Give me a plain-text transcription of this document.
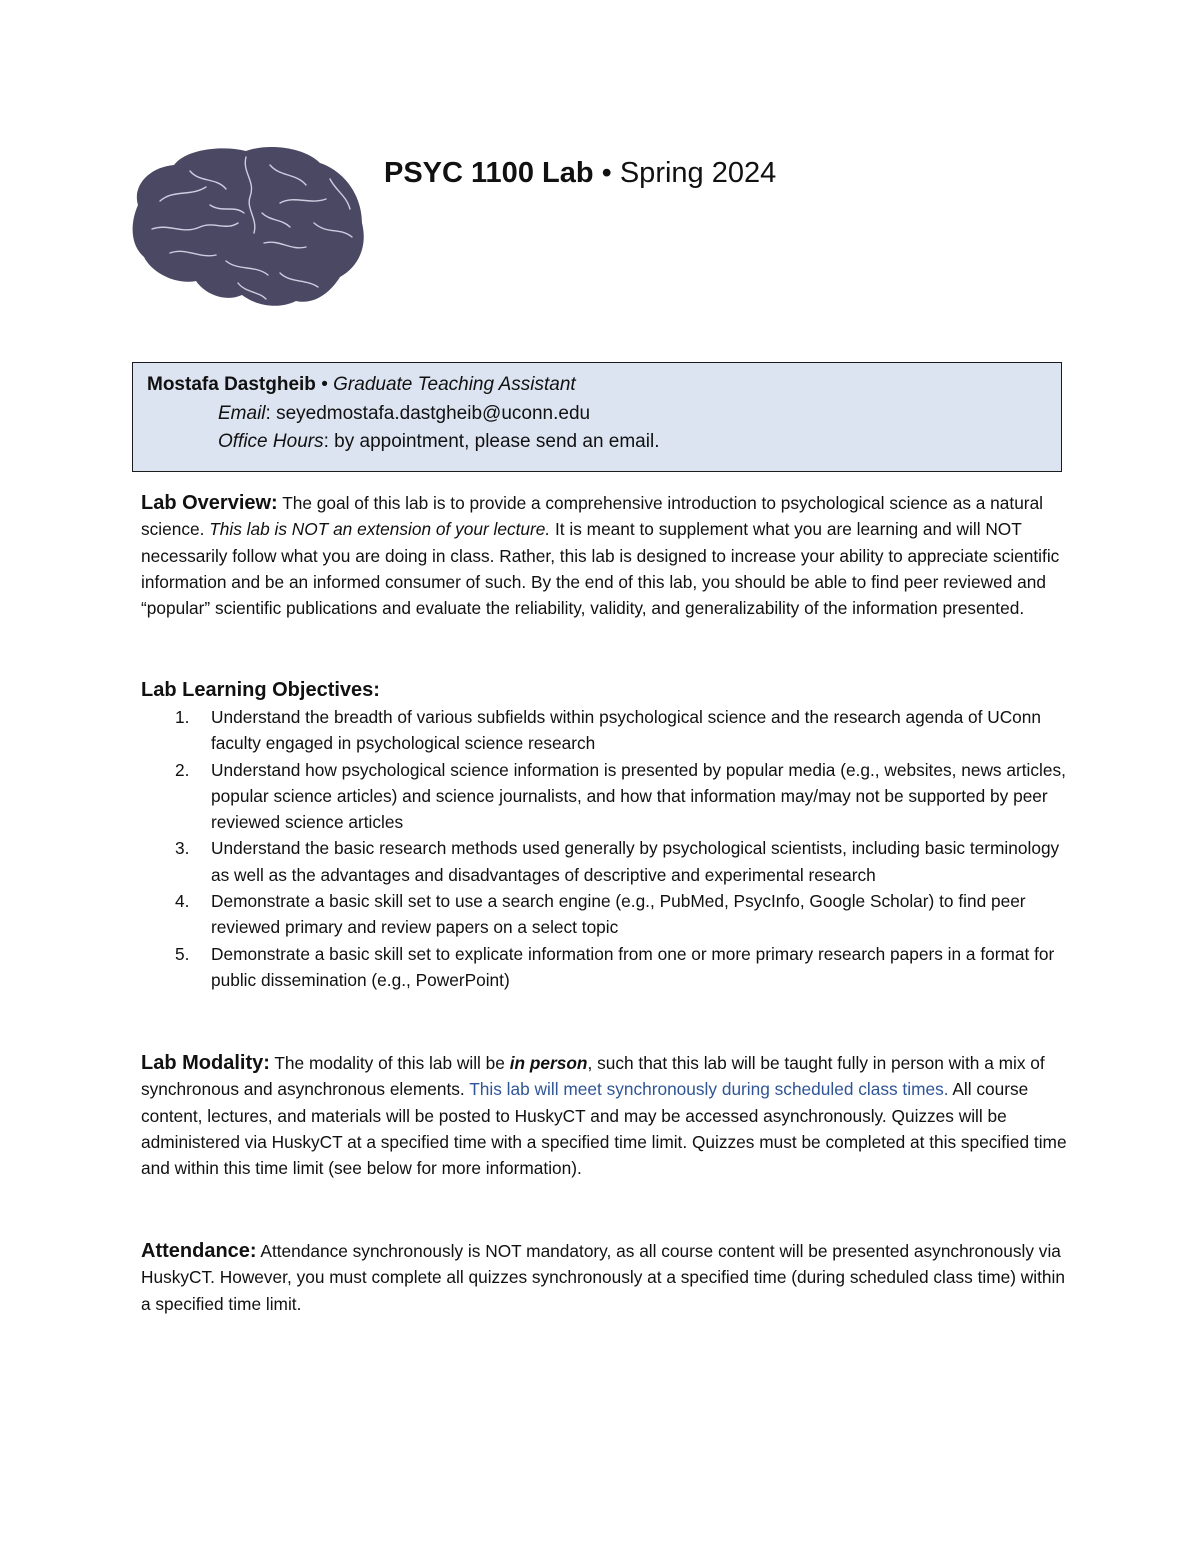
PSYC 1100 Lab • Spring 2024
Mostafa Dastgheib • Graduate Teaching Assistant
Email: seyedmostafa.dastgheib@uconn.edu
Office Hours: by appointment, please send an email.
Lab Overview: The goal of this lab is to provide a comprehensive introduction to psychological science as a natural science. This lab is NOT an extension of your lecture. It is meant to supplement what you are learning and will NOT necessarily follow what you are doing in class. Rather, this lab is designed to increase your ability to appreciate scientific information and be an informed consumer of such. By the end of this lab, you should be able to find peer reviewed and “popular” scientific publications and evaluate the reliability, validity, and generalizability of the information presented.
Lab Learning Objectives:
1. Understand the breadth of various subfields within psychological science and the research agenda of UConn faculty engaged in psychological science research
2. Understand how psychological science information is presented by popular media (e.g., websites, news articles, popular science articles) and science journalists, and how that information may/may not be supported by peer reviewed science articles
3. Understand the basic research methods used generally by psychological scientists, including basic terminology as well as the advantages and disadvantages of descriptive and experimental research
4. Demonstrate a basic skill set to use a search engine (e.g., PubMed, PsycInfo, Google Scholar) to find peer reviewed primary and review papers on a select topic
5. Demonstrate a basic skill set to explicate information from one or more primary research papers in a format for public dissemination (e.g., PowerPoint)
Lab Modality: The modality of this lab will be in person, such that this lab will be taught fully in person with a mix of synchronous and asynchronous elements. This lab will meet synchronously during scheduled class times. All course content, lectures, and materials will be posted to HuskyCT and may be accessed asynchronously. Quizzes will be administered via HuskyCT at a specified time with a specified time limit. Quizzes must be completed at this specified time and within this time limit (see below for more information).
Attendance: Attendance synchronously is NOT mandatory, as all course content will be presented asynchronously via HuskyCT. However, you must complete all quizzes synchronously at a specified time (during scheduled class time) within a specified time limit.
